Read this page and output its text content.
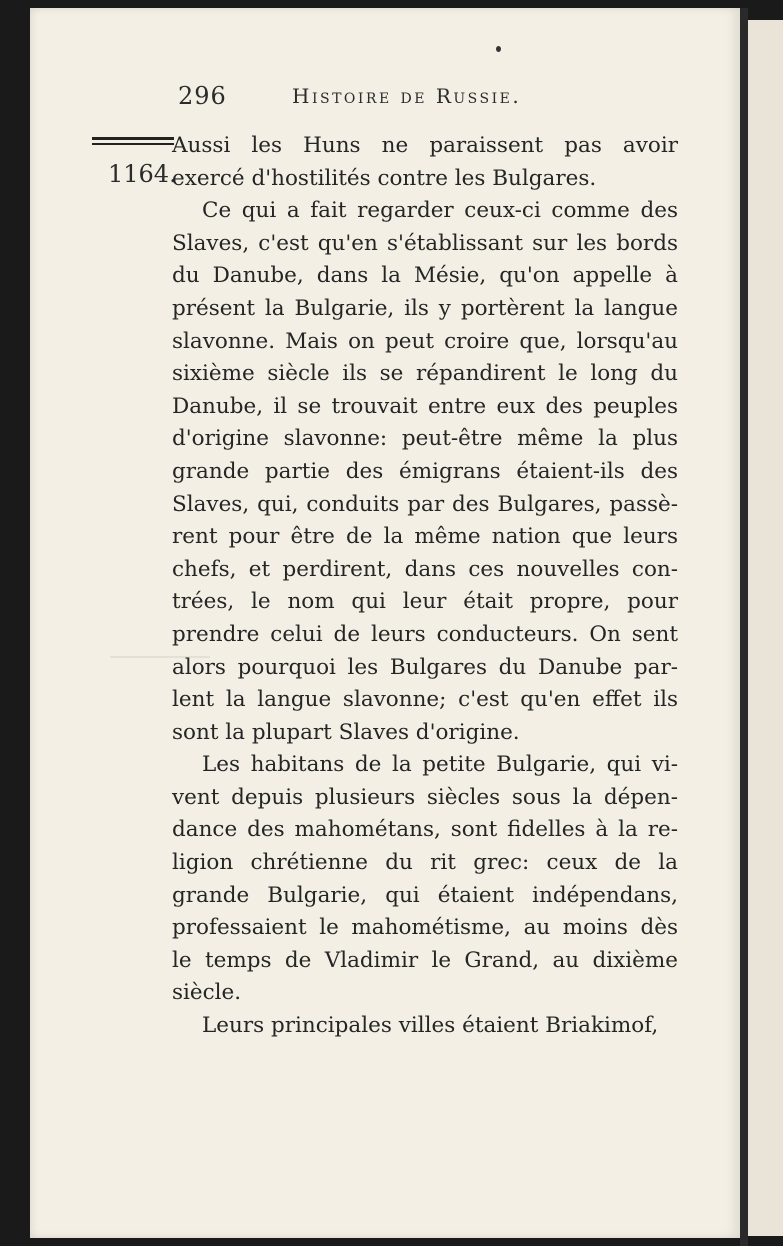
296	Histoire de Russie.
1164.
Aussi les Huns ne paraissent pas avoir
exercé d'hostilités contre les Bulgares.
Ce qui a fait regarder ceux-ci comme des
Slaves, c'est qu'en s'établissant sur les bords
du Danube, dans la Mésie, qu'on appelle à
présent la Bulgarie, ils y portèrent la langue
slavonne. Mais on peut croire que, lorsqu'au
sixième siècle ils se répandirent le long du
Danube, il se trouvait entre eux des peuples
d'origine slavonne: peut-être même la plus
grande partie des émigrans étaient-ils des
Slaves, qui, conduits par des Bulgares, passè-
rent pour être de la même nation que leurs
chefs, et perdirent, dans ces nouvelles con-
trées, le nom qui leur était propre, pour
prendre celui de leurs conducteurs. On sent
alors pourquoi les Bulgares du Danube par-
lent la langue slavonne; c'est qu'en effet ils
sont la plupart Slaves d'origine.
Les habitans de la petite Bulgarie, qui vi-
vent depuis plusieurs siècles sous la dépen-
dance des mahométans, sont fidelles à la re-
ligion chrétienne du rit grec: ceux de la
grande Bulgarie, qui étaient indépendans,
professaient le mahométisme, au moins dès
le temps de Vladimir le Grand, au dixième
siècle.
Leurs principales villes étaient Briakimof,
